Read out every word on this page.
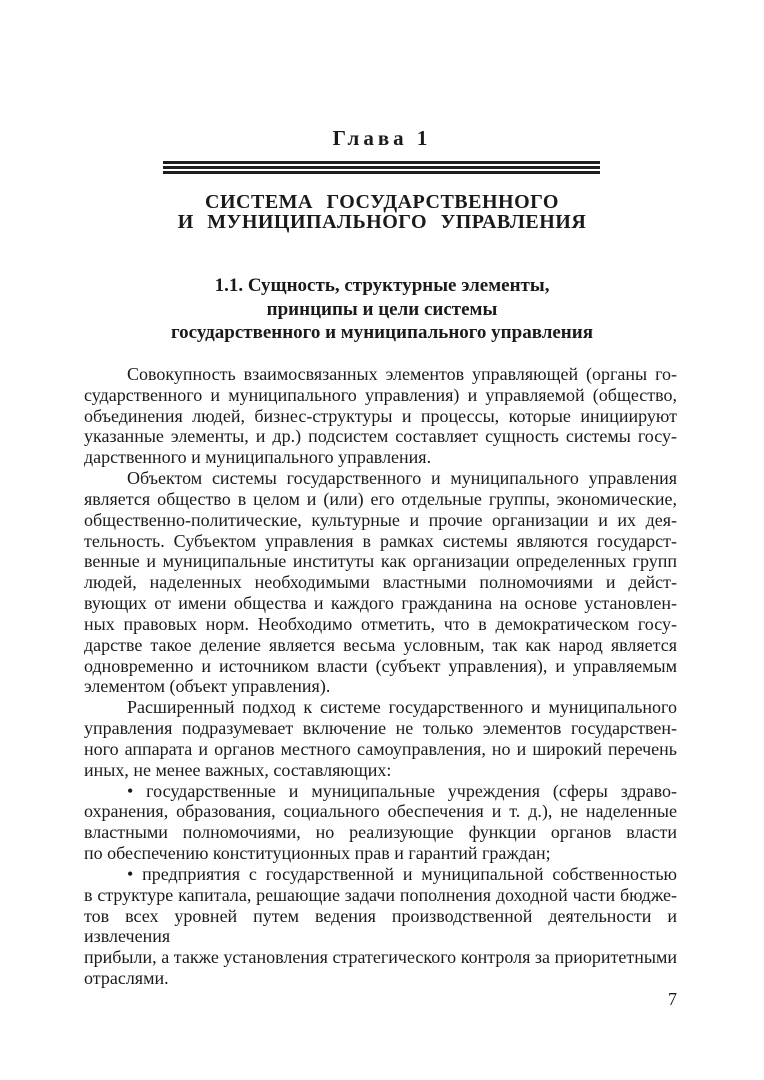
Глава 1
СИСТЕМА ГОСУДАРСТВЕННОГО
И МУНИЦИПАЛЬНОГО УПРАВЛЕНИЯ
1.1. Сущность, структурные элементы,
принципы и цели системы
государственного и муниципального управления
Совокупность взаимосвязанных элементов управляющей (органы го-
сударственного и муниципального управления) и управляемой (общество,
объединения людей, бизнес-структуры и процессы, которые инициируют
указанные элементы, и др.) подсистем составляет сущность системы госу-
дарственного и муниципального управления.
Объектом системы государственного и муниципального управления
является общество в целом и (или) его отдельные группы, экономические,
общественно-политические, культурные и прочие организации и их дея-
тельность. Субъектом управления в рамках системы являются государст-
венные и муниципальные институты как организации определенных групп
людей, наделенных необходимыми властными полномочиями и дейст-
вующих от имени общества и каждого гражданина на основе установлен-
ных правовых норм. Необходимо отметить, что в демократическом госу-
дарстве такое деление является весьма условным, так как народ является
одновременно и источником власти (субъект управления), и управляемым
элементом (объект управления).
Расширенный подход к системе государственного и муниципального
управления подразумевает включение не только элементов государствен-
ного аппарата и органов местного самоуправления, но и широкий перечень
иных, не менее важных, составляющих:
• государственные и муниципальные учреждения (сферы здраво-
охранения, образования, социального обеспечения и т. д.), не наделенные
властными полномочиями, но реализующие функции органов власти
по обеспечению конституционных прав и гарантий граждан;
• предприятия с государственной и муниципальной собственностью
в структуре капитала, решающие задачи пополнения доходной части бюдже-
тов всех уровней путем ведения производственной деятельности и извлечения
прибыли, а также установления стратегического контроля за приоритетными
отраслями.
7
